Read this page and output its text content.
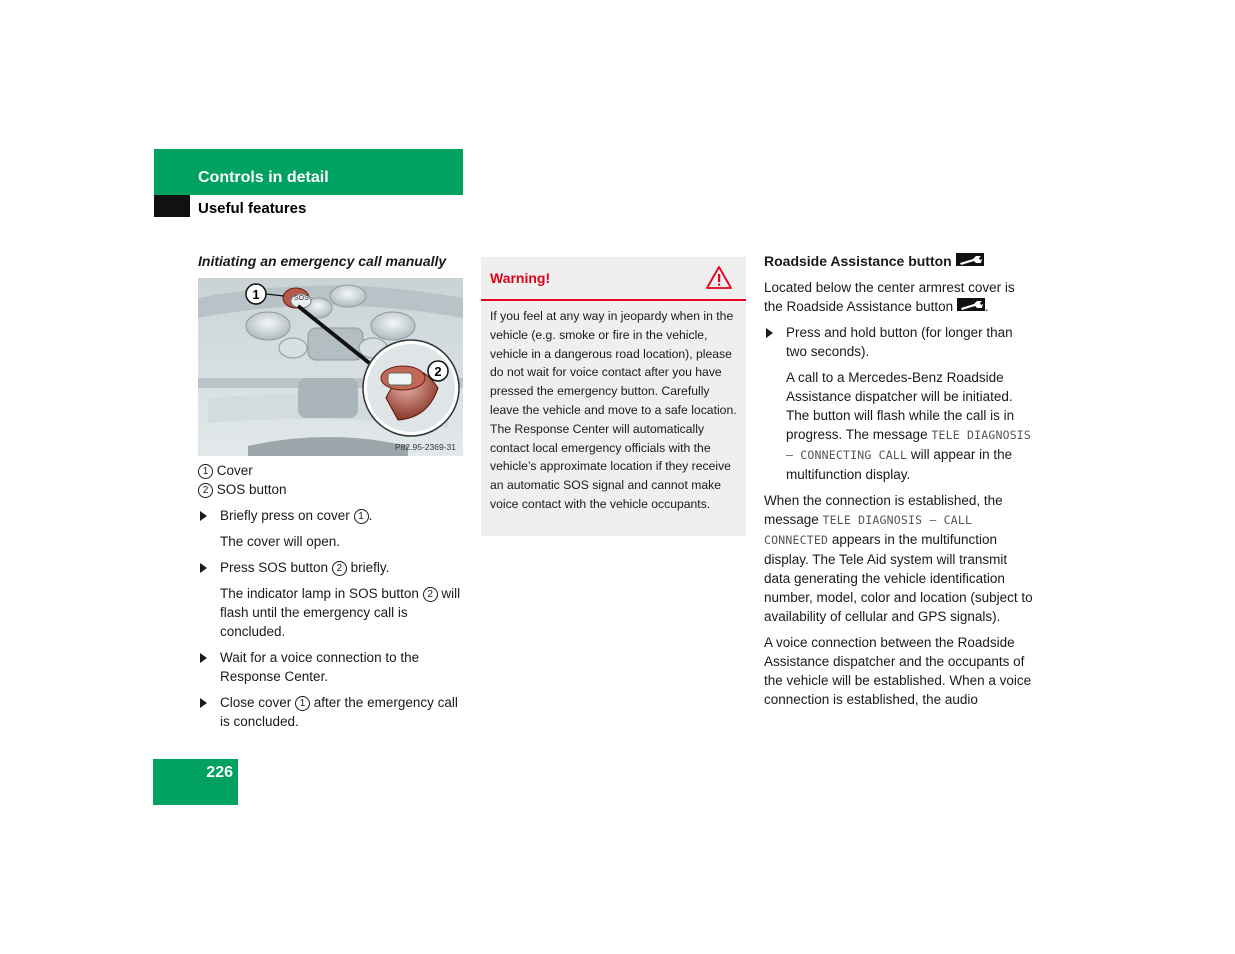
Controls in detail
Useful features
Initiating an emergency call manually
SOS
1
2
P82.95-2369-31
1 Cover
2 SOS button
Briefly press on cover 1 .
The cover will open.
Press SOS button 2 briefly.
The indicator lamp in SOS button 2 will flash until the emergency call is concluded.
Wait for a voice connection to the Response Center.
Close cover 1 after the emergency call is concluded.
Warning!
If you feel at any way in jeopardy when in the vehicle (e.g. smoke or fire in the vehicle, vehicle in a dangerous road location), please do not wait for voice contact after you have pressed the emergency button. Carefully leave the vehicle and move to a safe location. The Response Center will automatically contact local emergency officials with the vehicle’s approximate location if they receive an automatic SOS signal and cannot make voice contact with the vehicle occupants.
Roadside Assistance button
Located below the center armrest cover is the Roadside Assistance button .
Press and hold button (for longer than two seconds).
A call to a Mercedes-Benz Roadside Assistance dispatcher will be initiated. The button will flash while the call is in progress. The message TELE DIAGNOSIS – CONNECTING CALL will appear in the multifunction display.
When the connection is established, the message TELE DIAGNOSIS – CALL CONNECTED appears in the multifunction display. The Tele Aid system will transmit data generating the vehicle identification number, model, color and location (subject to availability of cellular and GPS signals).
A voice connection between the Roadside Assistance dispatcher and the occupants of the vehicle will be established. When a voice connection is established, the audio
226
